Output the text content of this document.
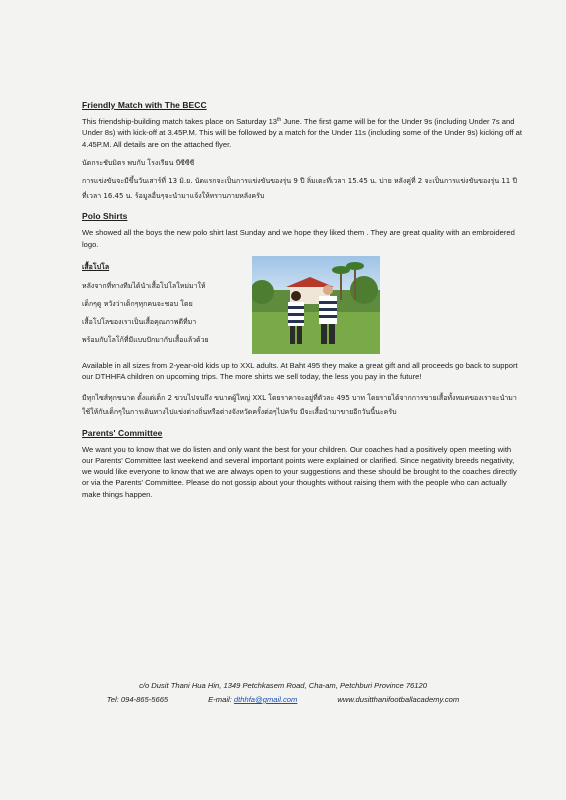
Friendly Match with The BECC

This friendship-building match takes place on Saturday 13th June. The first game will be for the Under 9s (including Under 7s and Under 8s) with kick-off at 3.45P.M. This will be followed by a match for the Under 11s (including some of the Under 9s) kicking off at 4.45P.M. All details are on the attached flyer.

นัดกระชับมิตร พบกับ โรงเรียน บีซีซีซี

การแข่งขันจะมีขึ้นวันเสาร์ที่ 13 มิ.ย. นัดแรกจะเป็นการแข่งขันของรุ่น 9 ปี ลิ่มเตะที่เวลา 15.45 น. บ่าย หลังคู่ที่ 2 จะเป็นการแข่งขันของรุ่น 11 ปี ที่เวลา 16.45 น. ร้อมูลอื่นๆจะนำมาแจ้งให้ทราบภายหลังครับ

Polo Shirts

We showed all the boys the new polo shirt last Sunday and we hope they liked them . They are great quality with an embroidered logo.

เสื้อโปโล

หลังจากที่ทางทีมได้นำเสื้อโปโลใหม่มาให้

เด็กๆดู หวังว่าเด็กๆทุกคนจะชอบ โดย

เสื้อโปโลของเราเป็นเสื้อคุณภาพดีที่มา

พร้อมกับโลโก้ที่มีแบบปักมากับเสื้อแล้วด้วย

Available in all sizes from 2-year-old kids up to XXL adults. At Baht 495 they make a great gift and all proceeds go back to support our DTHHFA children on upcoming trips. The more shirts we sell today, the less you pay in the future!

มีทุกไซส์ทุกขนาด ตั้งแต่เด็ก 2 ขวบไปจนถึง ขนาดผู้ใหญ่ XXL โดยราคาจะอยู่ที่ตัวละ 495 บาท โดยรายได้จากการขายเสื้อทั้งหมดของเราจะนำมาใช้ให้กับเด็กๆในการเดินทางไปแข่งต่างถิ่นหรือต่างจังหวัดครั้งต่อๆไปครับ มีจะเสื้อนำมาขายอีกวันนี้นะครับ

Parents' Committee

We want you to know that we do listen and only want the best for your children. Our coaches had a positively open meeting with our Parents' Committee last weekend and several important points were explained or clarified. Since negativity breeds negativity, we would like everyone to know that we are always open to your suggestions and these should be brought to the coaches directly or via the Parents' Committee. Please do not gossip about your thoughts without raising them with the people who can actually make things happen.

c/o Dusit Thani Hua Hin, 1349 Petchkasem Road, Cha-am, Petchburi Province 76120
Tel: 094-865-5665	E-mail: dthhfa@gmail.com	www.dusitthanifootballacademy.com
